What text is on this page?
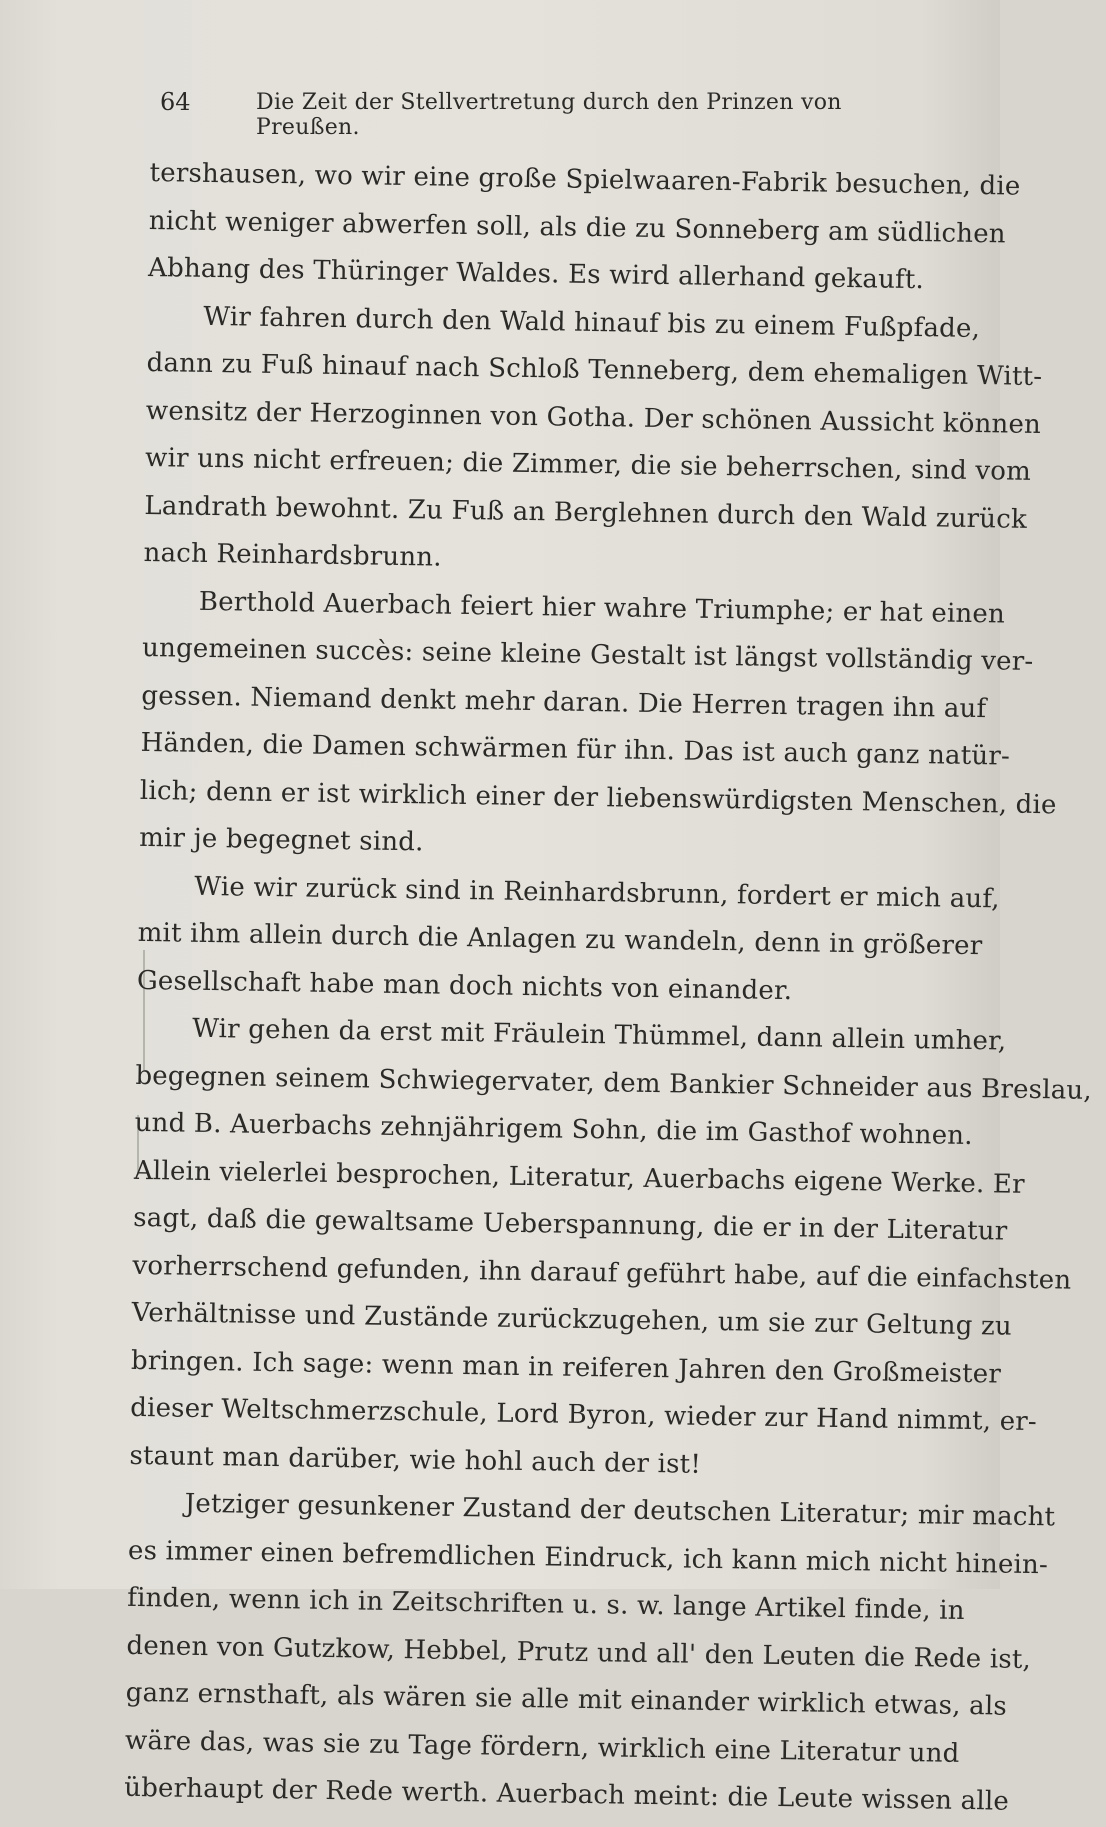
64	Die Zeit der Stellvertretung durch den Prinzen von Preußen.
tershausen, wo wir eine große Spielwaaren-Fabrik besuchen, die
nicht weniger abwerfen soll, als die zu Sonneberg am südlichen
Abhang des Thüringer Waldes. Es wird allerhand gekauft.
Wir fahren durch den Wald hinauf bis zu einem Fußpfade,
dann zu Fuß hinauf nach Schloß Tenneberg, dem ehemaligen Witt-
wensitz der Herzoginnen von Gotha. Der schönen Aussicht können
wir uns nicht erfreuen; die Zimmer, die sie beherrschen, sind vom
Landrath bewohnt. Zu Fuß an Berglehnen durch den Wald zurück
nach Reinhardsbrunn.
Berthold Auerbach feiert hier wahre Triumphe; er hat einen
ungemeinen succès: seine kleine Gestalt ist längst vollständig ver-
gessen. Niemand denkt mehr daran. Die Herren tragen ihn auf
Händen, die Damen schwärmen für ihn. Das ist auch ganz natür-
lich; denn er ist wirklich einer der liebenswürdigsten Menschen, die
mir je begegnet sind.
Wie wir zurück sind in Reinhardsbrunn, fordert er mich auf,
mit ihm allein durch die Anlagen zu wandeln, denn in größerer
Gesellschaft habe man doch nichts von einander.
Wir gehen da erst mit Fräulein Thümmel, dann allein umher,
begegnen seinem Schwiegervater, dem Bankier Schneider aus Breslau,
und B. Auerbachs zehnjährigem Sohn, die im Gasthof wohnen.
Allein vielerlei besprochen, Literatur, Auerbachs eigene Werke. Er
sagt, daß die gewaltsame Ueberspannung, die er in der Literatur
vorherrschend gefunden, ihn darauf geführt habe, auf die einfachsten
Verhältnisse und Zustände zurückzugehen, um sie zur Geltung zu
bringen. Ich sage: wenn man in reiferen Jahren den Großmeister
dieser Weltschmerzschule, Lord Byron, wieder zur Hand nimmt, er-
staunt man darüber, wie hohl auch der ist!
Jetziger gesunkener Zustand der deutschen Literatur; mir macht
es immer einen befremdlichen Eindruck, ich kann mich nicht hinein-
finden, wenn ich in Zeitschriften u. s. w. lange Artikel finde, in
denen von Gutzkow, Hebbel, Prutz und all' den Leuten die Rede ist,
ganz ernsthaft, als wären sie alle mit einander wirklich etwas, als
wäre das, was sie zu Tage fördern, wirklich eine Literatur und
überhaupt der Rede werth. Auerbach meint: die Leute wissen alle
